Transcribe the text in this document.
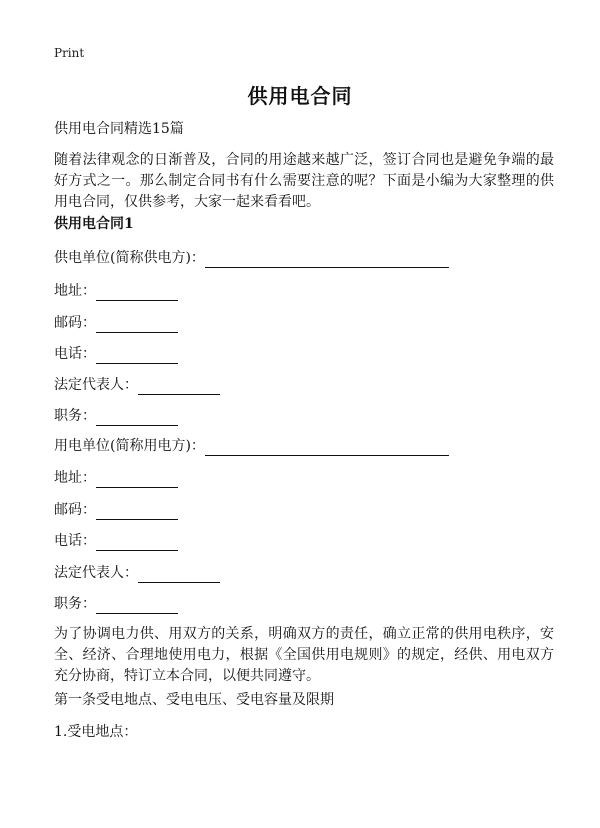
Print
供用电合同
供用电合同精选15篇
随着法律观念的日渐普及，合同的用途越来越广泛，签订合同也是避免争端的最好方式之一。那么制定合同书有什么需要注意的呢？下面是小编为大家整理的供用电合同，仅供参考，大家一起来看看吧。
供用电合同1
供电单位(简称供电方)：
地址：
邮码：
电话：
法定代表人：
职务：
用电单位(简称用电方)：
地址：
邮码：
电话：
法定代表人：
职务：
为了协调电力供、用双方的关系，明确双方的责任，确立正常的供用电秩序，安全、经济、合理地使用电力，根据《全国供用电规则》的规定，经供、用电双方充分协商，特订立本合同，以便共同遵守。
第一条受电地点、受电电压、受电容量及限期
1.受电地点：
